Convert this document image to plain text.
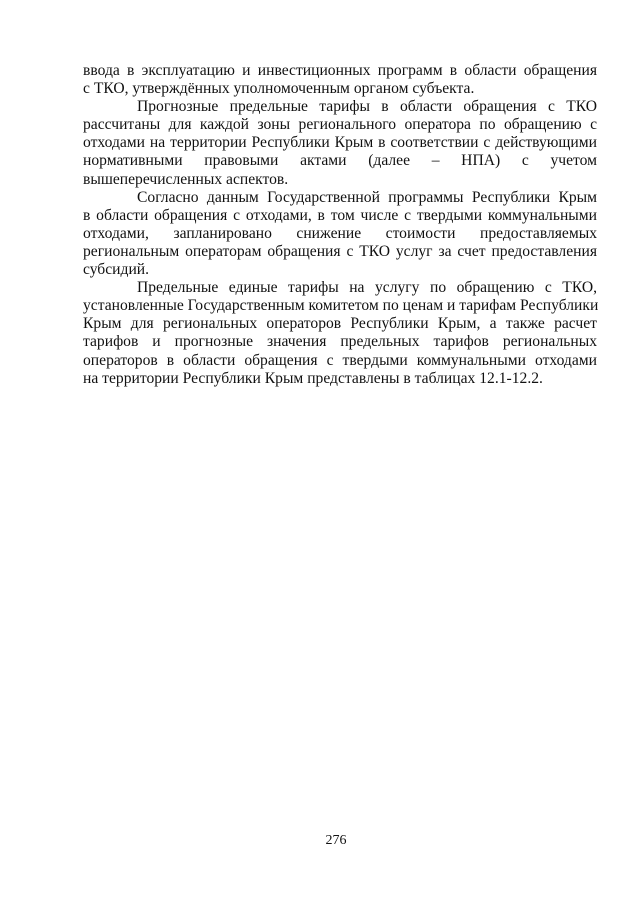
ввода в эксплуатацию и инвестиционных программ в области обращения
с ТКО, утверждённых уполномоченным органом субъекта.
Прогнозные предельные тарифы в области обращения с ТКО
рассчитаны для каждой зоны регионального оператора по обращению с
отходами на территории Республики Крым в соответствии с действующими
нормативными правовыми актами (далее – НПА) с учетом
вышеперечисленных аспектов.
Согласно данным Государственной программы Республики Крым
в области обращения с отходами, в том числе с твердыми коммунальными
отходами, запланировано снижение стоимости предоставляемых
региональным операторам обращения с ТКО услуг за счет предоставления
субсидий.
Предельные единые тарифы на услугу по обращению с ТКО,
установленные Государственным комитетом по ценам и тарифам Республики
Крым для региональных операторов Республики Крым, а также расчет
тарифов и прогнозные значения предельных тарифов региональных
операторов в области обращения с твердыми коммунальными отходами
на территории Республики Крым представлены в таблицах 12.1-12.2.
276
